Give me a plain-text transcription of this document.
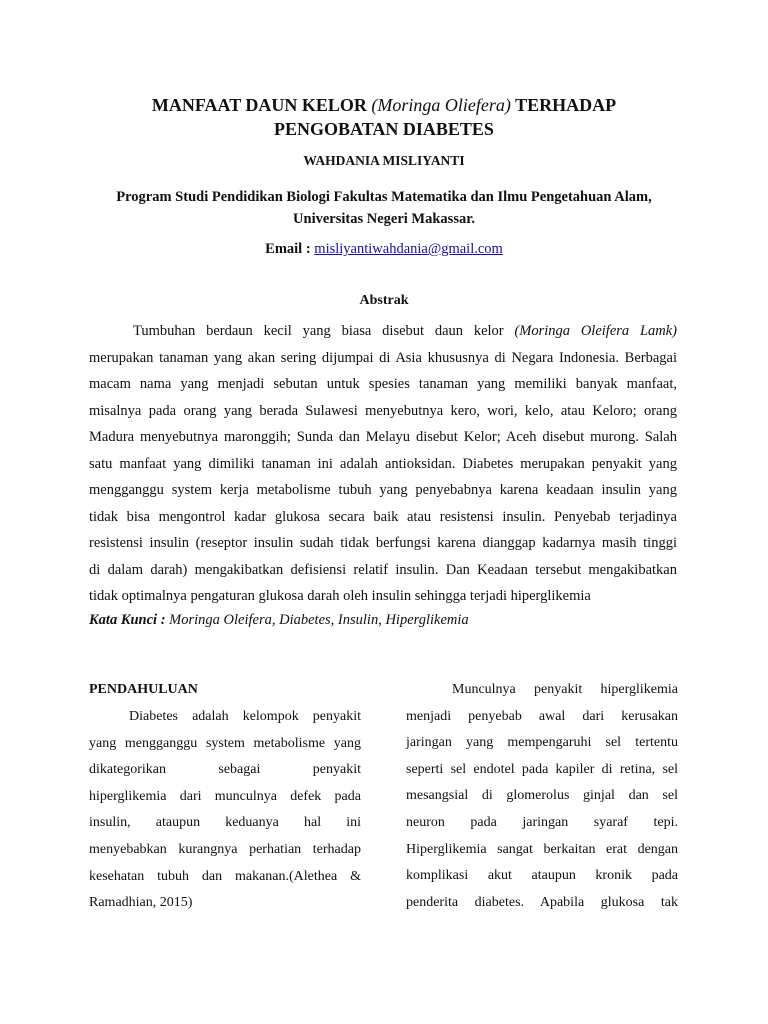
MANFAAT DAUN KELOR (Moringa Oliefera) TERHADAP
PENGOBATAN DIABETES
WAHDANIA MISLIYANTI
Program Studi Pendidikan Biologi Fakultas Matematika dan Ilmu Pengetahuan Alam,
Universitas Negeri Makassar.
Email : misliyantiwahdania@gmail.com
Abstrak
Tumbuhan berdaun kecil yang biasa disebut daun kelor (Moringa Oleifera Lamk)
merupakan tanaman yang akan sering dijumpai di Asia khususnya di Negara Indonesia. Berbagai
macam nama yang menjadi sebutan untuk spesies tanaman yang memiliki banyak manfaat,
misalnya pada orang yang berada Sulawesi menyebutnya kero, wori, kelo, atau Keloro; orang
Madura menyebutnya maronggih; Sunda dan Melayu disebut Kelor; Aceh disebut murong. Salah
satu manfaat yang dimiliki tanaman ini adalah antioksidan. Diabetes merupakan penyakit yang
mengganggu system kerja metabolisme tubuh yang penyebabnya karena keadaan insulin yang
tidak bisa mengontrol kadar glukosa secara baik atau resistensi insulin. Penyebab terjadinya
resistensi insulin (reseptor insulin sudah tidak berfungsi karena dianggap kadarnya masih tinggi
di dalam darah) mengakibatkan defisiensi relatif insulin. Dan Keadaan tersebut mengakibatkan
tidak optimalnya pengaturan glukosa darah oleh insulin sehingga terjadi hiperglikemia
Kata Kunci : Moringa Oleifera, Diabetes, Insulin, Hiperglikemia
PENDAHULUAN
Diabetes adalah kelompok penyakit
yang mengganggu system metabolisme yang
dikategorikan sebagai penyakit
hiperglikemia dari munculnya defek pada
insulin, ataupun keduanya hal ini
menyebabkan kurangnya perhatian terhadap
kesehatan tubuh dan makanan.(Alethea &
Ramadhian, 2015)
Munculnya penyakit hiperglikemia
menjadi penyebab awal dari kerusakan
jaringan yang mempengaruhi sel tertentu
seperti sel endotel pada kapiler di retina, sel
mesangsial di glomerolus ginjal dan sel
neuron pada jaringan syaraf tepi.
Hiperglikemia sangat berkaitan erat dengan
komplikasi akut ataupun kronik pada
penderita diabetes. Apabila glukosa tak
